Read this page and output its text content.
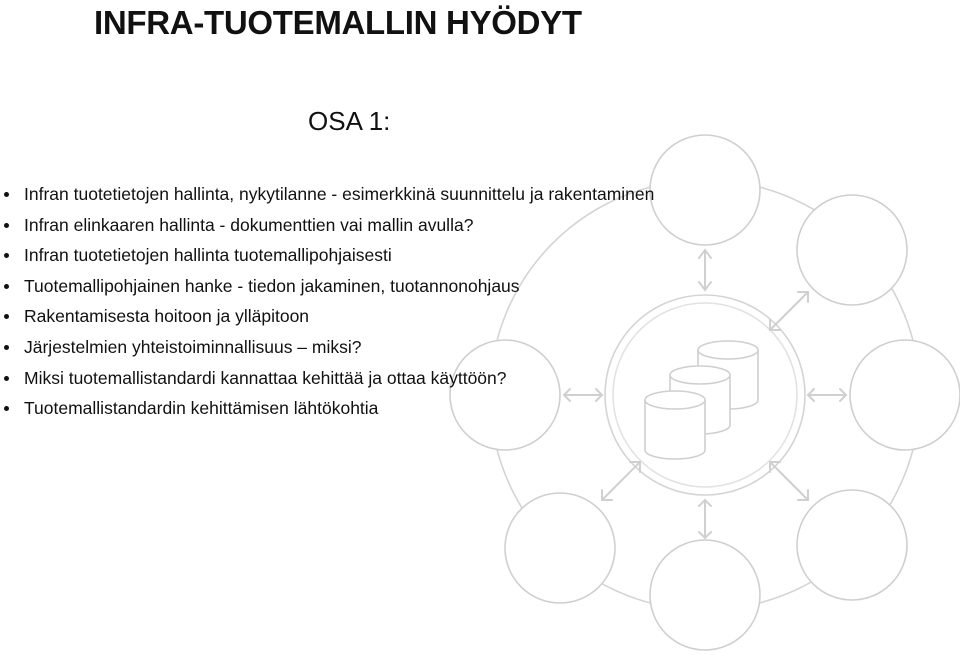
INFRA-TUOTEMALLIN HYÖDYT
OSA 1:
Infran tuotetietojen hallinta, nykytilanne - esimerkkinä suunnittelu ja rakentaminen
Infran elinkaaren hallinta - dokumenttien vai mallin avulla?
Infran tuotetietojen hallinta tuotemallipohjaisesti
Tuotemallipohjainen hanke - tiedon jakaminen, tuotannonohjaus
Rakentamisesta hoitoon ja ylläpitoon
Järjestelmien yhteistoiminnallisuus – miksi?
Miksi tuotemallistandardi kannattaa kehittää ja ottaa käyttöön?
Tuotemallistandardin kehittämisen lähtökohtia
